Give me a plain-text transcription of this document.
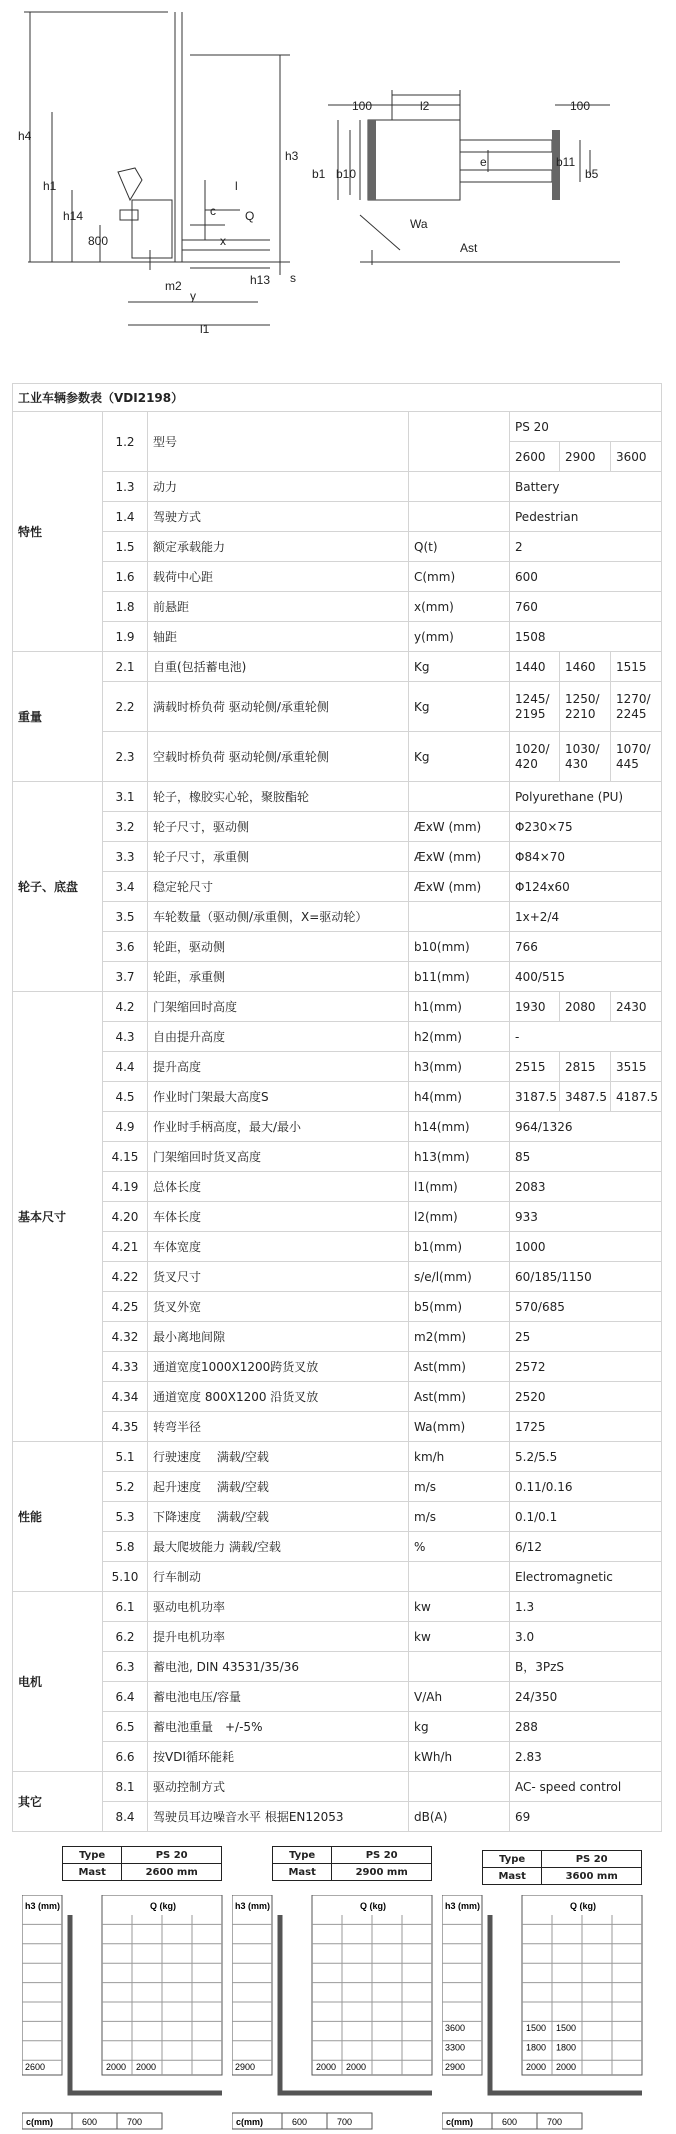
h4
h1
h14
800
h3
l
c Q
x
m2
s
y
l1
h13
100	l2	100
b1 b10
e	b11
b5
Wa
Ast
工业车辆参数表（VDI2198）						
特性	1.2	型号		PS 20		
				2600	2900	3600
	1.3	动力		Battery		
	1.4	驾驶方式		Pedestrian		
	1.5	额定承载能力	Q(t)	2		
	1.6	载荷中心距	C(mm)	600		
	1.8	前悬距	x(mm)	760		
	1.9	轴距	y(mm)	1508		
重量	2.1	自重(包括蓄电池)	Kg	1440	1460	1515
	2.2	满载时桥负荷 驱动轮侧/承重轮侧	Kg	1245/ 2195	1250/ 2210	1270/ 2245
	2.3	空载时桥负荷 驱动轮侧/承重轮侧	Kg	1020/ 420	1030/ 430	1070/ 445
轮子、底盘	3.1	轮子，橡胶实心轮，聚胺酯轮		Polyurethane (PU)		
	3.2	轮子尺寸，驱动侧	ÆxW (mm)	Φ230×75		
	3.3	轮子尺寸，承重侧	ÆxW (mm)	Φ84×70		
	3.4	稳定轮尺寸	ÆxW (mm)	Φ124x60		
	3.5	车轮数量（驱动侧/承重侧，X=驱动轮）		1x+2/4		
	3.6	轮距，驱动侧	b10(mm)	766		
	3.7	轮距，承重侧	b11(mm)	400/515		
基本尺寸	4.2	门架缩回时高度	h1(mm)	1930	2080	2430
	4.3	自由提升高度	h2(mm)	-		
	4.4	提升高度	h3(mm)	2515	2815	3515
	4.5	作业时门架最大高度S	h4(mm)	3187.5	3487.5	4187.5
	4.9	作业时手柄高度，最大/最小	h14(mm)	964/1326		
	4.15	门架缩回时货叉高度	h13(mm)	85		
	4.19	总体长度	l1(mm)	2083		
	4.20	车体长度	l2(mm)	933		
	4.21	车体宽度	b1(mm)	1000		
	4.22	货叉尺寸	s/e/l(mm)	60/185/1150		
	4.25	货叉外宽	b5(mm)	570/685		
	4.32	最小离地间隙	m2(mm)	25		
	4.33	通道宽度1000X1200跨货叉放	Ast(mm)	2572		
	4.34	通道宽度 800X1200 沿货叉放	Ast(mm)	2520		
	4.35	转弯半径	Wa(mm)	1725		
性能	5.1	行驶速度　 满载/空载	km/h	5.2/5.5		
	5.2	起升速度　 满载/空载	m/s	0.11/0.16		
	5.3	下降速度　 满载/空载	m/s	0.1/0.1		
	5.8	最大爬坡能力 满载/空载	%	6/12		
	5.10	行车制动		Electromagnetic		
电机	6.1	驱动电机功率	kw	1.3		
	6.2	提升电机功率	kw	3.0		
	6.3	蓄电池, DIN 43531/35/36		B，3PzS		
	6.4	蓄电池电压/容量	V/Ah	24/350		
	6.5	蓄电池重量　+/-5%	kg	288		
	6.6	按VDI循环能耗	kWh/h	2.83		
其它	8.1	驱动控制方式		AC- speed control		
	8.4	驾驶员耳边噪音水平 根据EN12053	dB(A)	69		
Type	PS 20
Mast	2600 mm
h3 (mm)	Q (kg)
2600	2000 2000
c(mm)	600	700
Type	PS 20
Mast	2900 mm
h3 (mm)	Q (kg)
2900	2000 2000
c(mm)	600	700
Type	PS 20
Mast	3600 mm
h3 (mm)	Q (kg)
3600	1500 1500
3300	1800 1800
2900	2000 2000
c(mm)	600	700
